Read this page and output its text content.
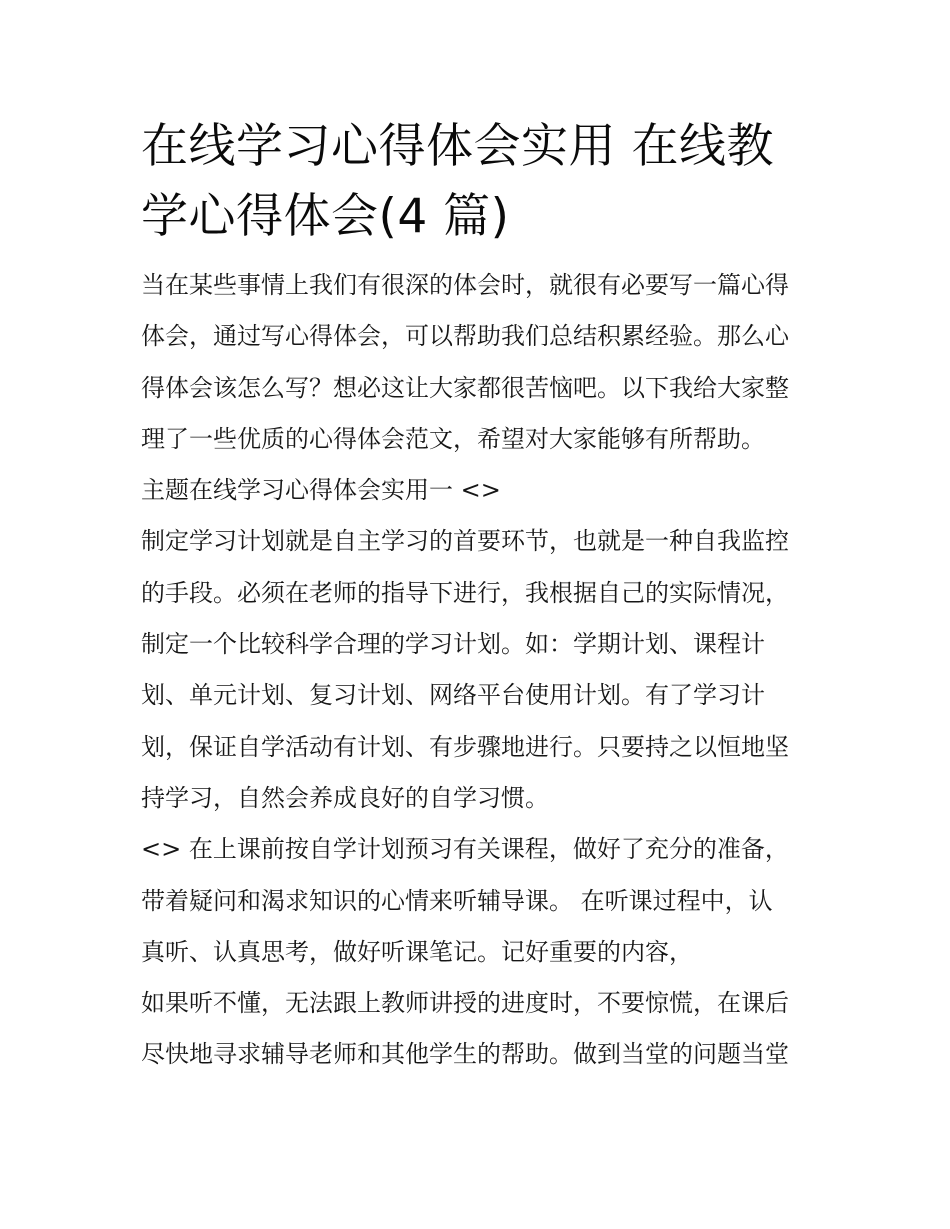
在线学习心得体会实用 在线教
学心得体会(4 篇)
当在某些事情上我们有很深的体会时，就很有必要写一篇心得
体会，通过写心得体会，可以帮助我们总结积累经验。那么心
得体会该怎么写？想必这让大家都很苦恼吧。以下我给大家整
理了一些优质的心得体会范文，希望对大家能够有所帮助。
主题在线学习心得体会实用一 <>
制定学习计划就是自主学习的首要环节，也就是一种自我监控
的手段。必须在老师的指导下进行，我根据自己的实际情况，
制定一个比较科学合理的学习计划。如：学期计划、课程计
划、单元计划、复习计划、网络平台使用计划。有了学习计
划，保证自学活动有计划、有步骤地进行。只要持之以恒地坚
持学习，自然会养成良好的自学习惯。
<> 在上课前按自学计划预习有关课程，做好了充分的准备，
带着疑问和渴求知识的心情来听辅导课。 在听课过程中，认
真听、认真思考，做好听课笔记。记好重要的内容，
如果听不懂，无法跟上教师讲授的进度时，不要惊慌，在课后
尽快地寻求辅导老师和其他学生的帮助。做到当堂的问题当堂
